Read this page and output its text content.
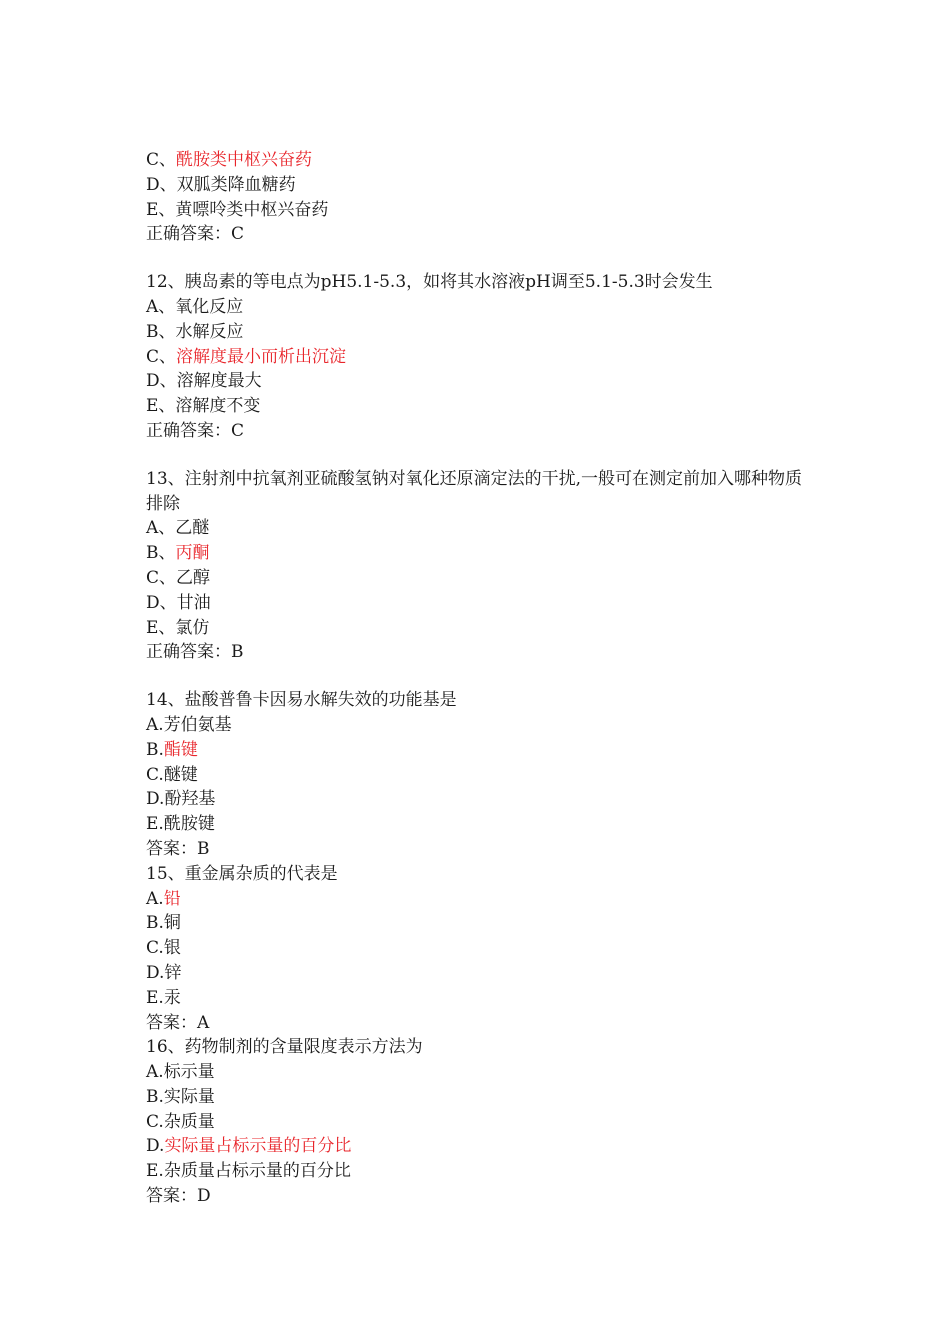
C、酰胺类中枢兴奋药
D、双胍类降血糖药
E、黄嘌呤类中枢兴奋药
正确答案：C
12、胰岛素的等电点为pH5.1-5.3，如将其水溶液pH调至5.1-5.3时会发生
A、氧化反应
B、水解反应
C、溶解度最小而析出沉淀
D、溶解度最大
E、溶解度不变
正确答案：C
13、注射剂中抗氧剂亚硫酸氢钠对氧化还原滴定法的干扰,一般可在测定前加入哪种物质排除
A、乙醚
B、丙酮
C、乙醇
D、甘油
E、氯仿
正确答案：B
14、盐酸普鲁卡因易水解失效的功能基是
A.芳伯氨基
B.酯键
C.醚键
D.酚羟基
E.酰胺键
答案：B
15、重金属杂质的代表是
A.铅
B.铜
C.银
D.锌
E.汞
答案：A
16、药物制剂的含量限度表示方法为
A.标示量
B.实际量
C.杂质量
D.实际量占标示量的百分比
E.杂质量占标示量的百分比
答案：D
